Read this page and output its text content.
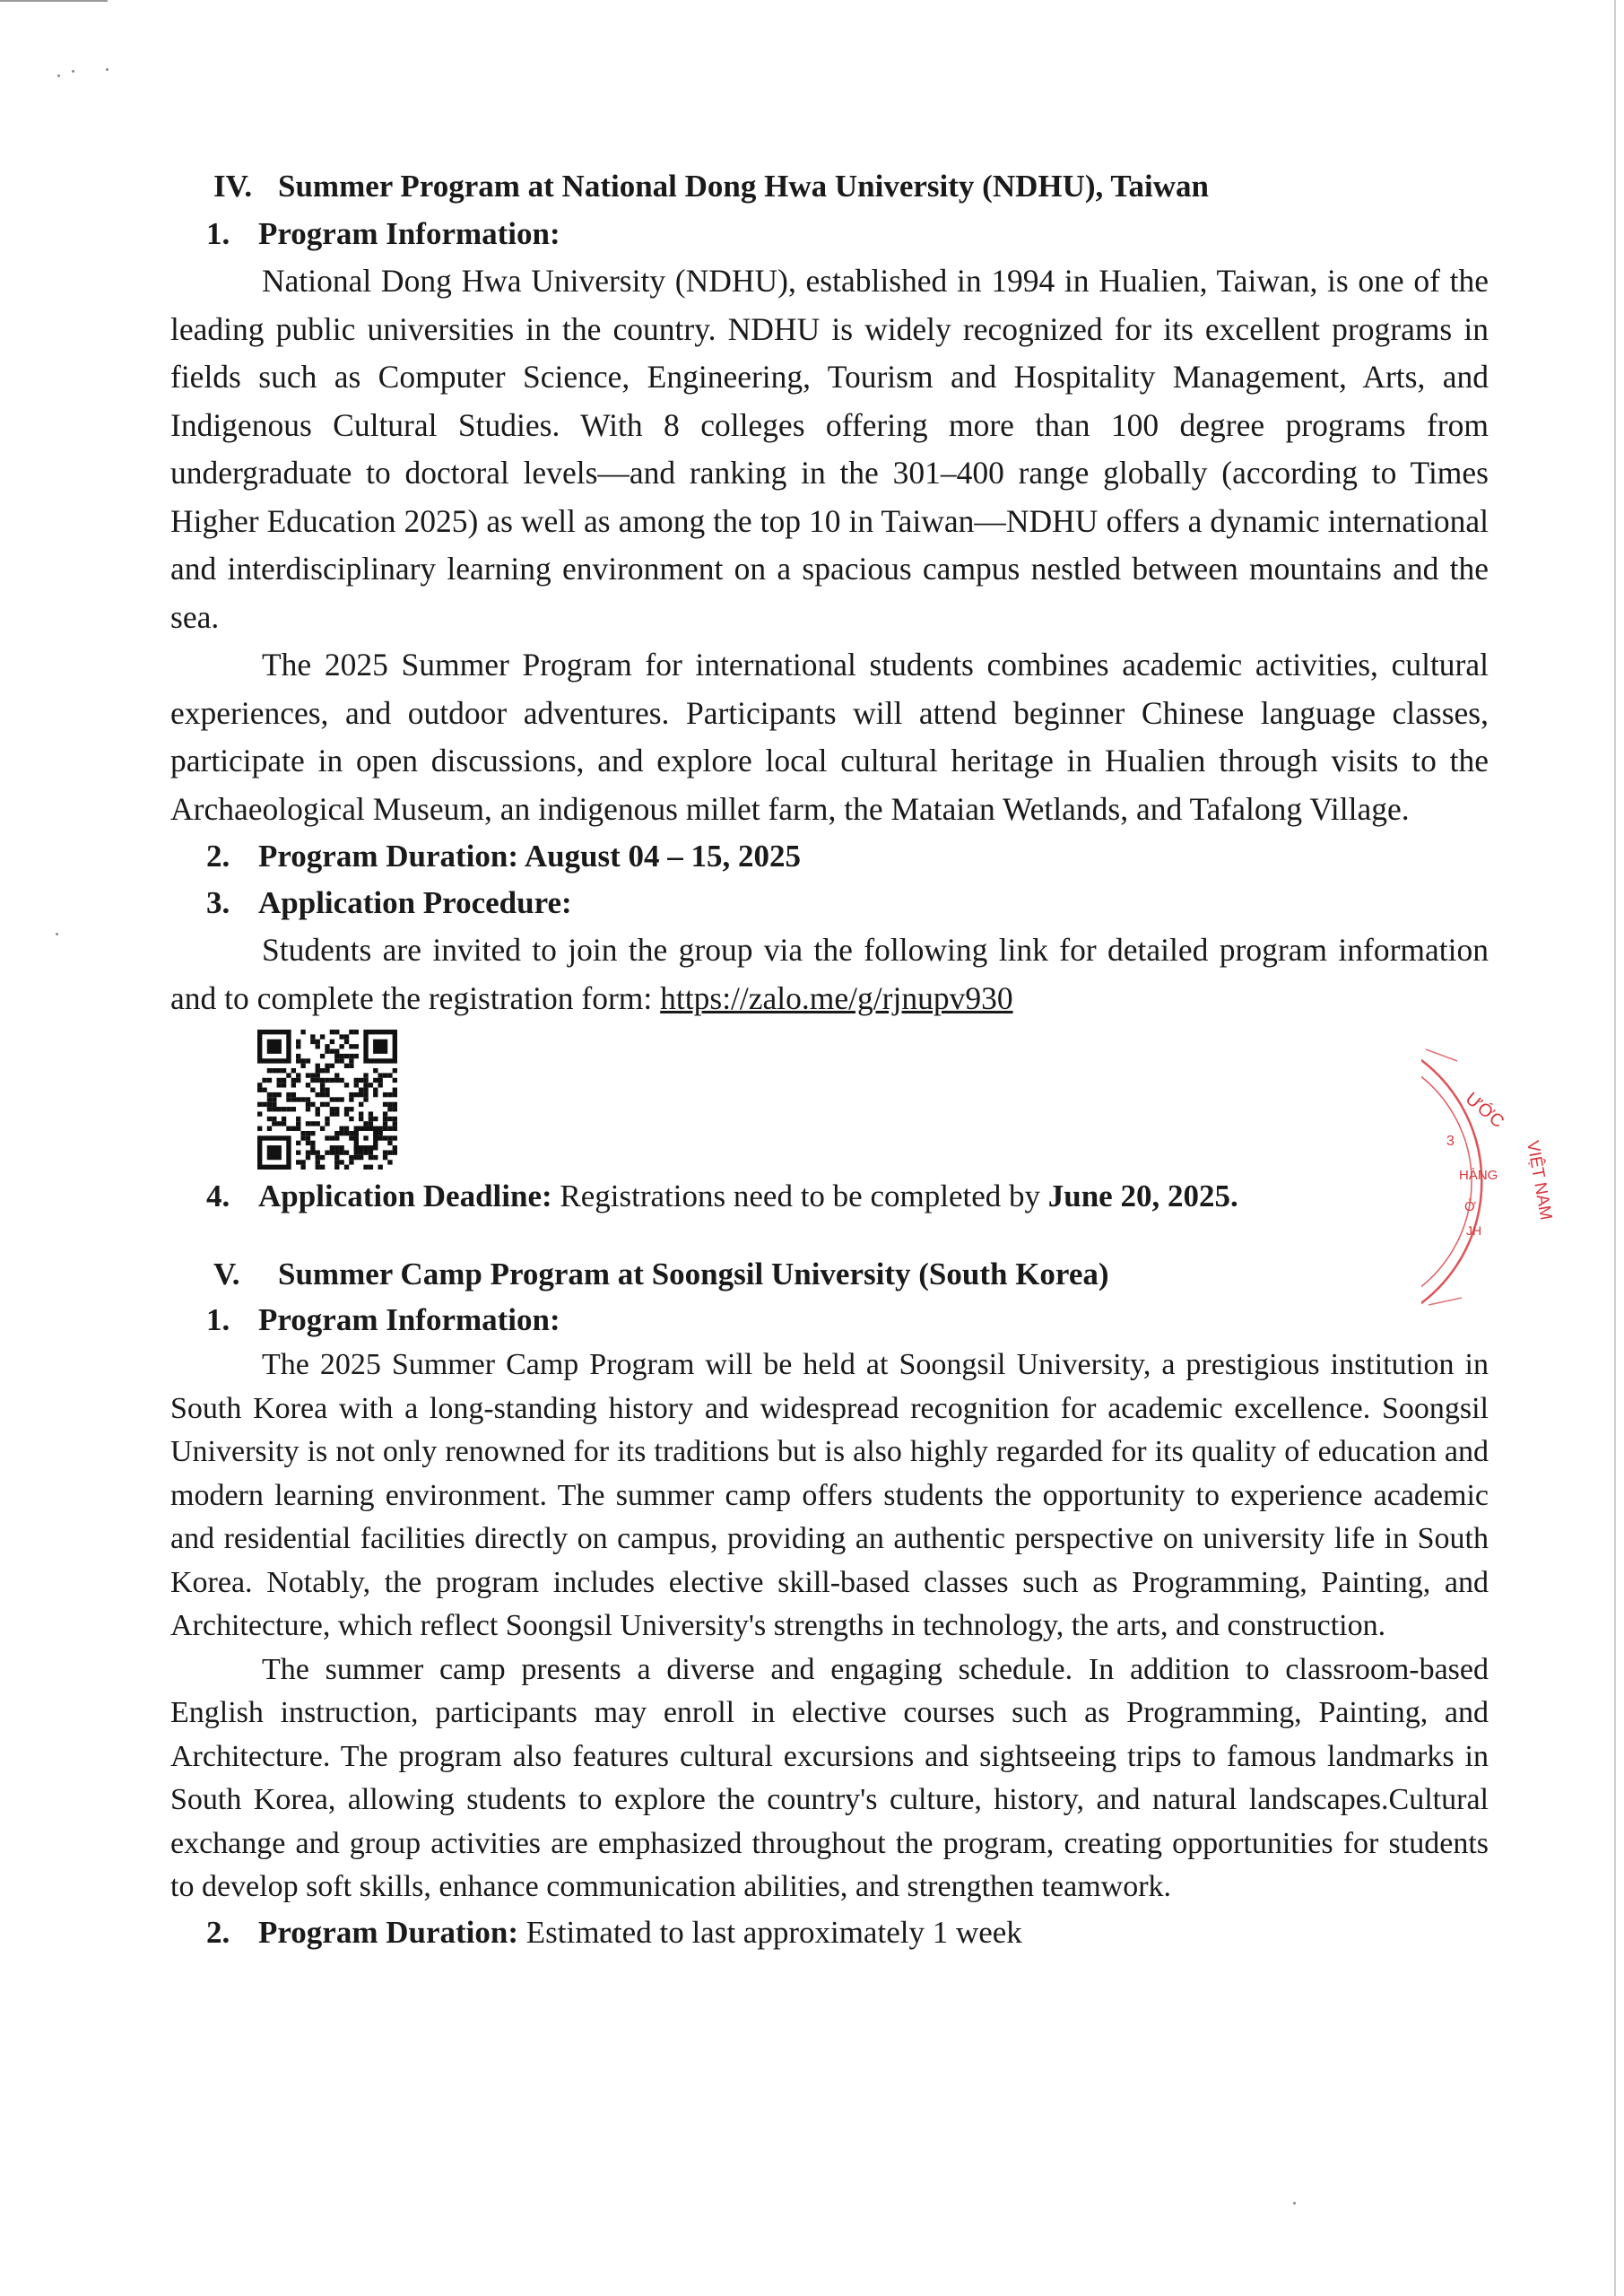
IV. Summer Program at National Dong Hwa University (NDHU), Taiwan
1. Program Information:

National Dong Hwa University (NDHU), established in 1994 in Hualien, Taiwan, is one of the leading public universities in the country. NDHU is widely recognized for its excellent programs in fields such as Computer Science, Engineering, Tourism and Hospitality Management, Arts, and Indigenous Cultural Studies. With 8 colleges offering more than 100 degree programs from undergraduate to doctoral levels—and ranking in the 301–400 range globally (according to Times Higher Education 2025) as well as among the top 10 in Taiwan—NDHU offers a dynamic international and interdisciplinary learning environment on a spacious campus nestled between mountains and the sea.

The 2025 Summer Program for international students combines academic activities, cultural experiences, and outdoor adventures. Participants will attend beginner Chinese language classes, participate in open discussions, and explore local cultural heritage in Hualien through visits to the Archaeological Museum, an indigenous millet farm, the Mataian Wetlands, and Tafalong Village.

2. Program Duration: August 04 – 15, 2025
3. Application Procedure:

Students are invited to join the group via the following link for detailed program information and to complete the registration form: https://zalo.me/g/rjnupv930

4. Application Deadline: Registrations need to be completed by June 20, 2025.
V. Summer Camp Program at Soongsil University (South Korea)
1. Program Information:

The 2025 Summer Camp Program will be held at Soongsil University, a prestigious institution in South Korea with a long-standing history and widespread recognition for academic excellence. Soongsil University is not only renowned for its traditions but is also highly regarded for its quality of education and modern learning environment. The summer camp offers students the opportunity to experience academic and residential facilities directly on campus, providing an authentic perspective on university life in South Korea. Notably, the program includes elective skill-based classes such as Programming, Painting, and Architecture, which reflect Soongsil University's strengths in technology, the arts, and construction.

The summer camp presents a diverse and engaging schedule. In addition to classroom-based English instruction, participants may enroll in elective courses such as Programming, Painting, and Architecture. The program also features cultural excursions and sightseeing trips to famous landmarks in South Korea, allowing students to explore the country's culture, history, and natural landscapes.Cultural exchange and group activities are emphasized throughout the program, creating opportunities for students to develop soft skills, enhance communication abilities, and strengthen teamwork.

2. Program Duration: Estimated to last approximately 1 week
ƯỚC
VIỆT NAM
HÀNG
3
Ở
JH
